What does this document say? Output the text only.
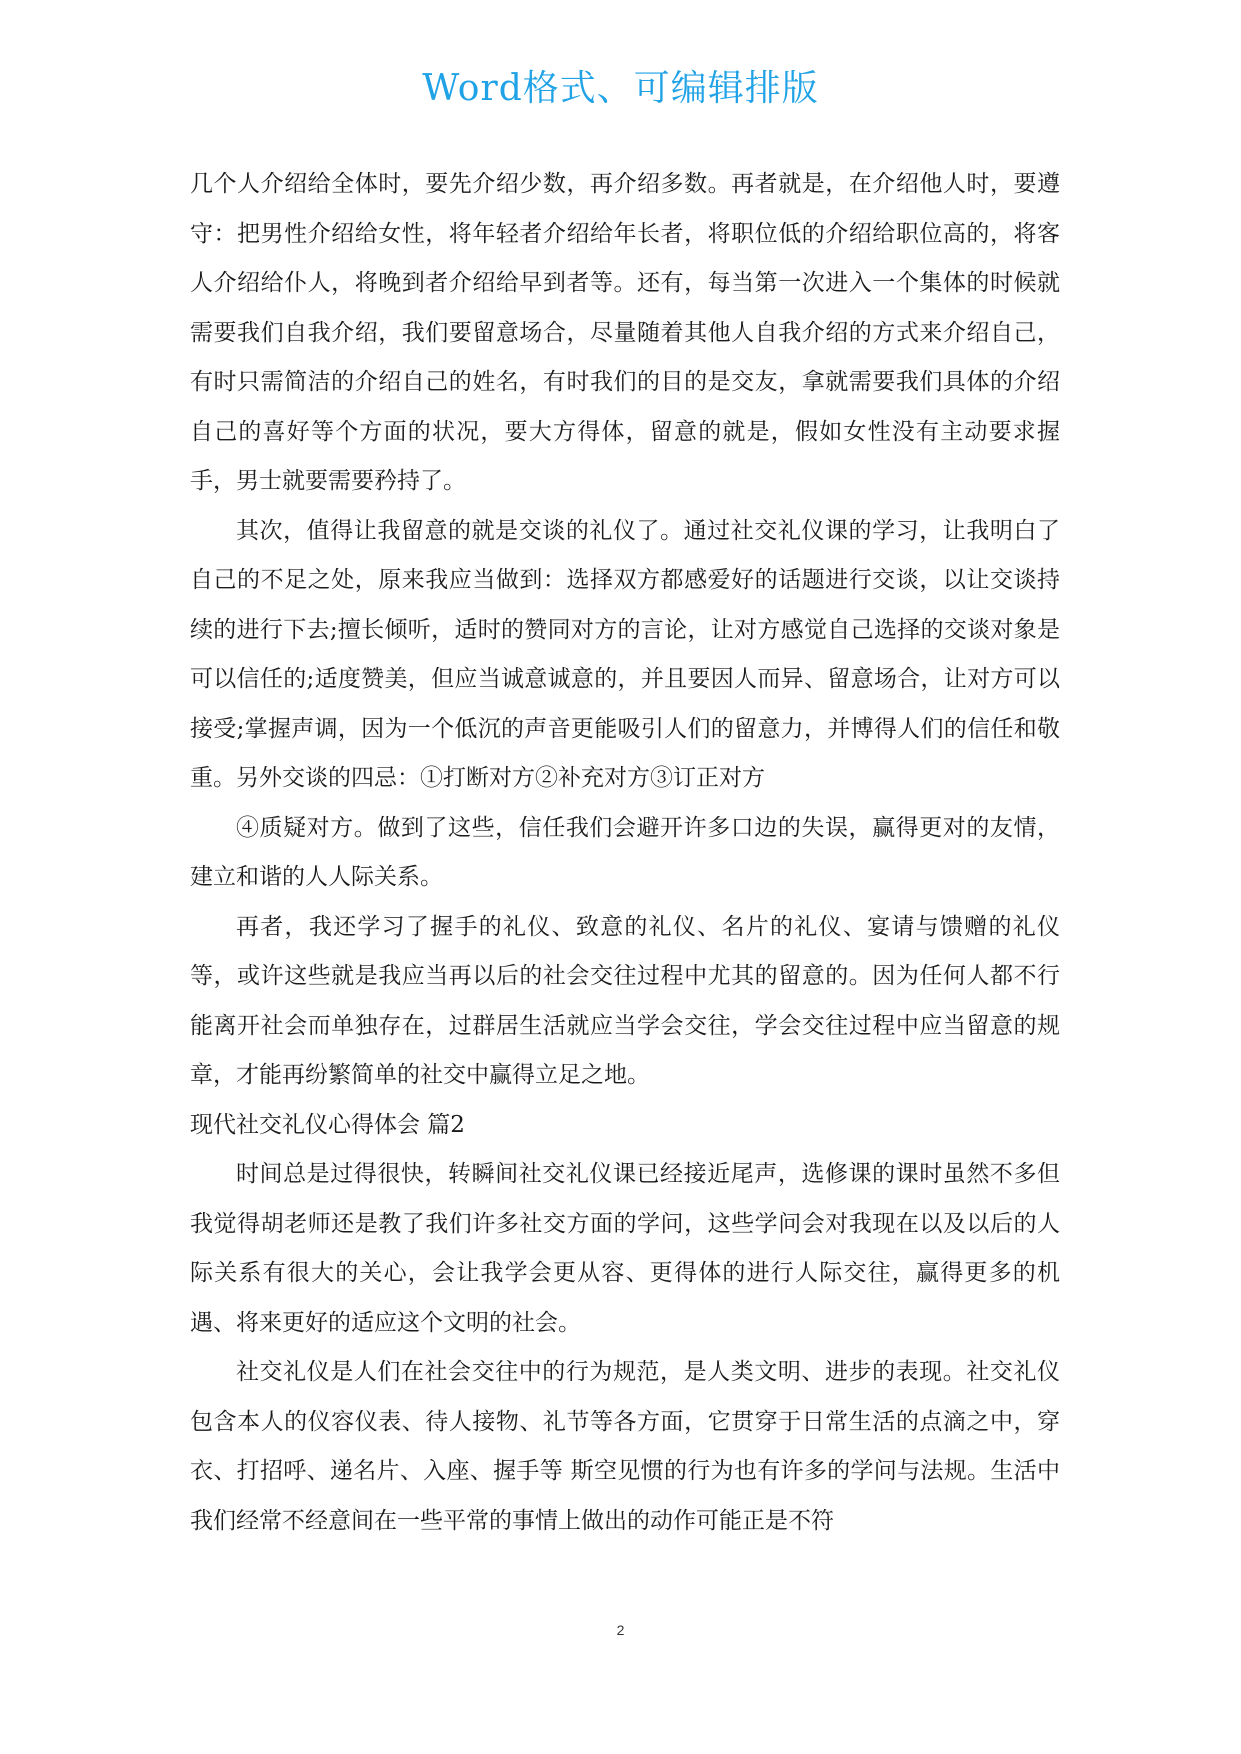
Word格式、可编辑排版

几个人介绍给全体时，要先介绍少数，再介绍多数。再者就是，在介绍他人时，要遵守：把男性介绍给女性，将年轻者介绍给年长者，将职位低的介绍给职位高的，将客人介绍给仆人，将晚到者介绍给早到者等。还有，每当第一次进入一个集体的时候就需要我们自我介绍，我们要留意场合，尽量随着其他人自我介绍的方式来介绍自己，有时只需简洁的介绍自己的姓名，有时我们的目的是交友，拿就需要我们具体的介绍自己的喜好等个方面的状况，要大方得体，留意的就是，假如女性没有主动要求握手，男士就要需要矜持了。

其次，值得让我留意的就是交谈的礼仪了。通过社交礼仪课的学习，让我明白了自己的不足之处，原来我应当做到：选择双方都感爱好的话题进行交谈，以让交谈持续的进行下去;擅长倾听，适时的赞同对方的言论，让对方感觉自己选择的交谈对象是可以信任的;适度赞美，但应当诚意诚意的，并且要因人而异、留意场合，让对方可以接受;掌握声调，因为一个低沉的声音更能吸引人们的留意力，并博得人们的信任和敬重。另外交谈的四忌：①打断对方②补充对方③订正对方

④质疑对方。做到了这些，信任我们会避开许多口边的失误，赢得更对的友情，建立和谐的人人际关系。

再者，我还学习了握手的礼仪、致意的礼仪、名片的礼仪、宴请与馈赠的礼仪等，或许这些就是我应当再以后的社会交往过程中尤其的留意的。因为任何人都不行能离开社会而单独存在，过群居生活就应当学会交往，学会交往过程中应当留意的规章，才能再纷繁简单的社交中赢得立足之地。

现代社交礼仪心得体会 篇2

时间总是过得很快，转瞬间社交礼仪课已经接近尾声，选修课的课时虽然不多但我觉得胡老师还是教了我们许多社交方面的学问，这些学问会对我现在以及以后的人际关系有很大的关心，会让我学会更从容、更得体的进行人际交往，赢得更多的机遇、将来更好的适应这个文明的社会。

社交礼仪是人们在社会交往中的行为规范，是人类文明、进步的表现。社交礼仪包含本人的仪容仪表、待人接物、礼节等各方面，它贯穿于日常生活的点滴之中，穿衣、打招呼、递名片、入座、握手等 斯空见惯的行为也有许多的学问与法规。生活中我们经常不经意间在一些平常的事情上做出的动作可能正是不符

2
